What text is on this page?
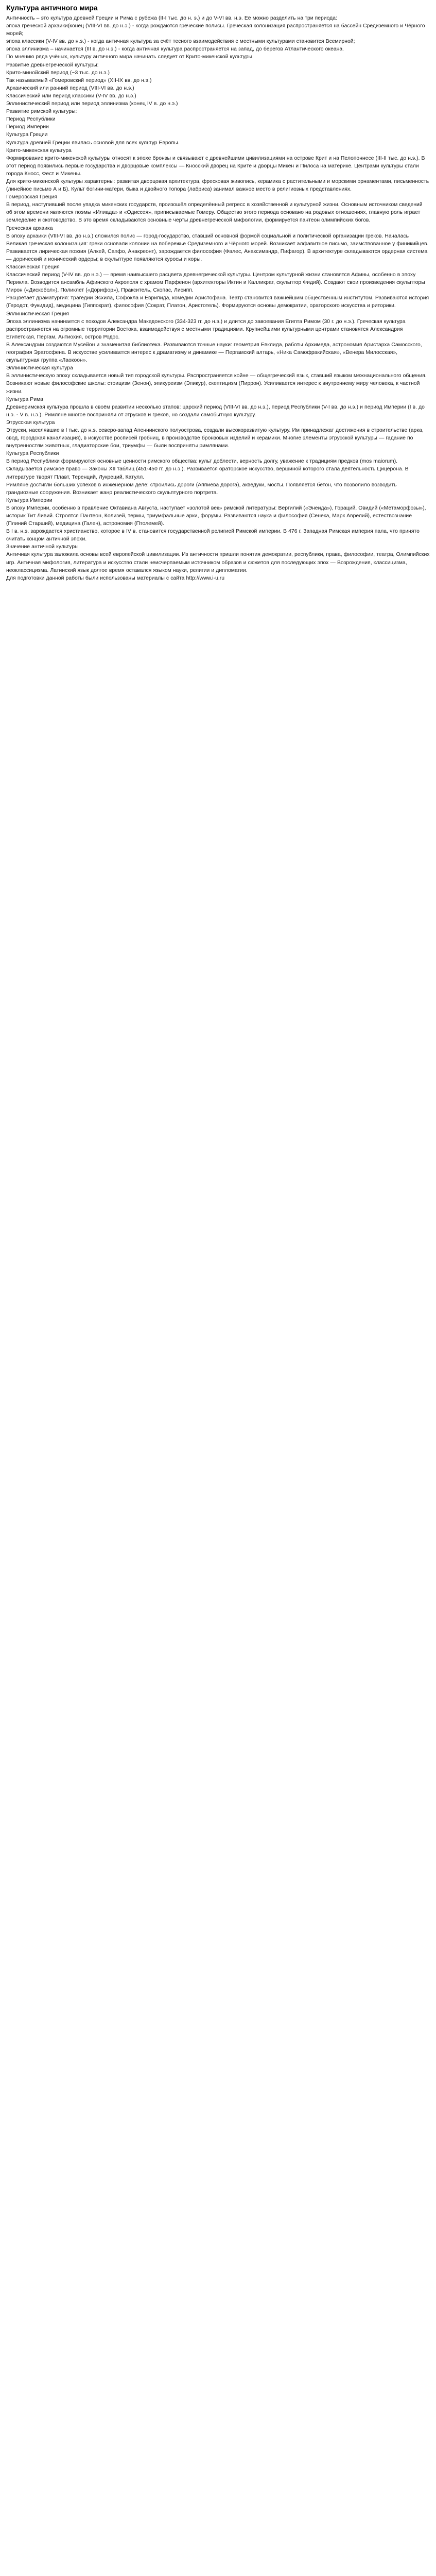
Культура античного мира

Античность – это культура древней Греции и Рима с рубежа (II-I тыс. до н. э.) и до V-VI вв. н.э. Её можно разделить на три периода:

эпоха греческой архаики(конец (VIII-VI вв. до н.э.) - когда рождаются греческие полисы. Греческая колонизация распространяется на бассейн Средиземного и Чёрного морей;

эпоха классики (V-IV вв. до н.э.) - когда античная культура за счёт тесного взаимодействия с местными культурами становится Всемирной;

эпоха эллинизма – начинается (III в. до н.э.) - когда античная культура распространяется на запад, до берегов Атлантического океана.

По мнению ряда учёных, культуру античного мира начинать следует от Крито-микенской культуры.

Развитие древнегреческой культуры:

Крито-минойский период (~3 тыс. до н.э.)

Так называемый «Гомеровский период» (XII-IX вв. до н.э.)

Архаический или ранний период (VIII-VI вв. до н.э.)

Классический или период классики (V-IV вв. до н.э.)

Эллинистический период или период эллинизма (конец IV в. до н.э.)

Развитие римской культуры:

Период Республики

Период Империи

Культура Греции

Культура древней Греции явилась основой для всех культур Европы.

Крито-микенская культура

Формирование крито-микенской культуры относят к эпохе бронзы и связывают с древнейшими цивилизациями на острове Крит и на Пелопоннесе (III-II тыс. до н.э.). В этот период появились первые государства и дворцовые комплексы — Кносский дворец на Крите и дворцы Микен и Пилоса на материке. Центрами культуры стали города Кносс, Фест и Микены.

Для крито-микенской культуры характерны: развитая дворцовая архитектура, фресковая живопись, керамика с растительными и морскими орнаментами, письменность (линейное письмо А и Б). Культ богини-матери, быка и двойного топора (лабриса) занимал важное место в религиозных представлениях.

Гомеровская Греция

В период, наступивший после упадка микенских государств, произошёл определённый регресс в хозяйственной и культурной жизни. Основным источником сведений об этом времени являются поэмы «Илиада» и «Одиссея», приписываемые Гомеру. Общество этого периода основано на родовых отношениях, главную роль играет земледелие и скотоводство. В это время складываются основные черты древнегреческой мифологии, формируется пантеон олимпийских богов.

Греческая архаика

В эпоху архаики (VIII-VI вв. до н.э.) сложился полис — город-государство, ставший основной формой социальной и политической организации греков. Началась Великая греческая колонизация: греки основали колонии на побережье Средиземного и Чёрного морей. Возникает алфавитное письмо, заимствованное у финикийцев. Развивается лирическая поэзия (Алкей, Сапфо, Анакреонт), зарождается философия (Фалес, Анаксимандр, Пифагор). В архитектуре складываются ордерная система — дорический и ионический ордеры; в скульптуре появляются куросы и коры.

Классическая Греция

Классический период (V-IV вв. до н.э.) — время наивысшего расцвета древнегреческой культуры. Центром культурной жизни становятся Афины, особенно в эпоху Перикла. Возводится ансамбль Афинского Акрополя с храмом Парфенон (архитекторы Иктин и Калликрат, скульптор Фидий). Создают свои произведения скульпторы Мирон («Дискобол»), Поликлет («Дорифор»), Пракситель, Скопас, Лисипп.

Расцветает драматургия: трагедии Эсхила, Софокла и Еврипида, комедии Аристофана. Театр становится важнейшим общественным институтом. Развиваются история (Геродот, Фукидид), медицина (Гиппократ), философия (Сократ, Платон, Аристотель). Формируются основы демократии, ораторского искусства и риторики.

Эллинистическая Греция

Эпоха эллинизма начинается с походов Александра Македонского (334-323 гг. до н.э.) и длится до завоевания Египта Римом (30 г. до н.э.). Греческая культура распространяется на огромные территории Востока, взаимодействуя с местными традициями. Крупнейшими культурными центрами становятся Александрия Египетская, Пергам, Антиохия, остров Родос.

В Александрии создаются Мусейон и знаменитая библиотека. Развиваются точные науки: геометрия Евклида, работы Архимеда, астрономия Аристарха Самосского, география Эратосфена. В искусстве усиливается интерес к драматизму и динамике — Пергамский алтарь, «Ника Самофракийская», «Венера Милосская», скульптурная группа «Лаокоон».

Эллинистическая культура

В эллинистическую эпоху складывается новый тип городской культуры. Распространяется койне — общегреческий язык, ставший языком межнационального общения. Возникают новые философские школы: стоицизм (Зенон), эпикуреизм (Эпикур), скептицизм (Пиррон). Усиливается интерес к внутреннему миру человека, к частной жизни.

Культура Рима

Древнеримская культура прошла в своём развитии несколько этапов: царский период (VIII-VI вв. до н.э.), период Республики (V-I вв. до н.э.) и период Империи (I в. до н.э. - V в. н.э.). Римляне многое восприняли от этрусков и греков, но создали самобытную культуру.

Этрусская культура

Этруски, населявшие в I тыс. до н.э. северо-запад Апеннинского полуострова, создали высокоразвитую культуру. Им принадлежат достижения в строительстве (арка, свод, городская канализация), в искусстве росписей гробниц, в производстве бронзовых изделий и керамики. Многие элементы этрусской культуры — гадание по внутренностям животных, гладиаторские бои, триумфы — были восприняты римлянами.

Культура Республики

В период Республики формируются основные ценности римского общества: культ доблести, верность долгу, уважение к традициям предков (mos maiorum). Складывается римское право — Законы XII таблиц (451-450 гг. до н.э.). Развивается ораторское искусство, вершиной которого стала деятельность Цицерона. В литературе творят Плавт, Теренций, Лукреций, Катулл.

Римляне достигли больших успехов в инженерном деле: строились дороги (Аппиева дорога), акведуки, мосты. Появляется бетон, что позволило возводить грандиозные сооружения. Возникает жанр реалистического скульптурного портрета.

Культура Империи

В эпоху Империи, особенно в правление Октавиана Августа, наступает «золотой век» римской литературы: Вергилий («Энеида»), Гораций, Овидий («Метаморфозы»), историк Тит Ливий. Строятся Пантеон, Колизей, термы, триумфальные арки, форумы. Развиваются наука и философия (Сенека, Марк Аврелий), естествознание (Плиний Старший), медицина (Гален), астрономия (Птолемей).

В I в. н.э. зарождается христианство, которое в IV в. становится государственной религией Римской империи. В 476 г. Западная Римская империя пала, что принято считать концом античной эпохи.

Значение античной культуры

Античная культура заложила основы всей европейской цивилизации. Из античности пришли понятия демократии, республики, права, философии, театра, Олимпийских игр. Античная мифология, литература и искусство стали неисчерпаемым источником образов и сюжетов для последующих эпох — Возрождения, классицизма, неоклассицизма. Латинский язык долгое время оставался языком науки, религии и дипломатии.

Для подготовки данной работы были использованы материалы с сайта http://www.i-u.ru
